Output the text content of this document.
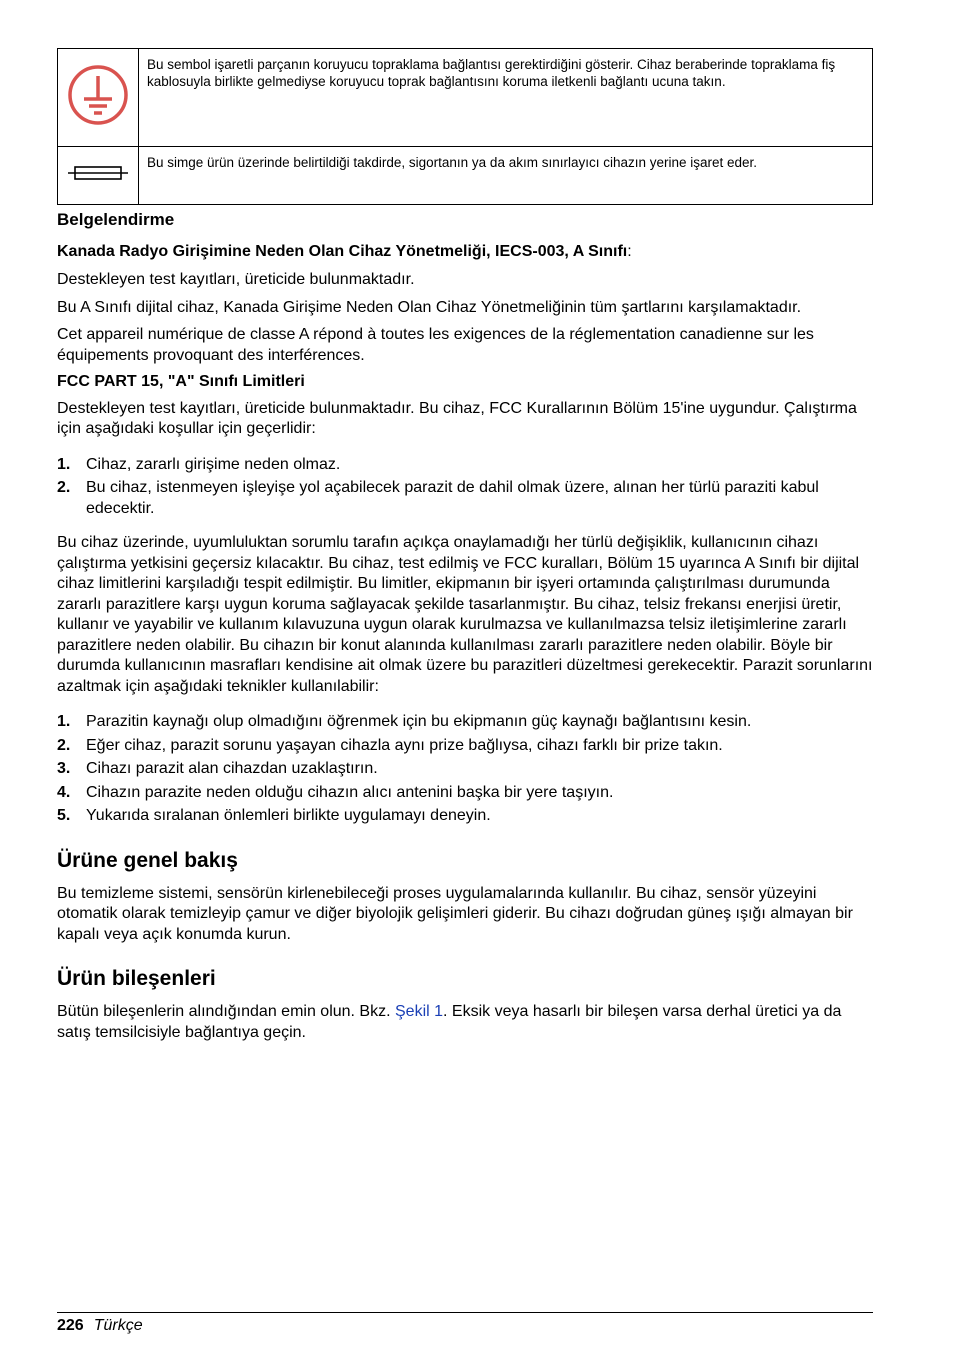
	Bu sembol işaretli parçanın koruyucu topraklama bağlantısı gerektirdiğini gösterir. Cihaz beraberinde topraklama fiş kablosuyla birlikte gelmediyse koruyucu toprak bağlantısını koruma iletkenli bağlantı ucuna takın.
	Bu simge ürün üzerinde belirtildiği takdirde, sigortanın ya da akım sınırlayıcı cihazın yerine işaret eder.

Belgelendirme

Kanada Radyo Girişimine Neden Olan Cihaz Yönetmeliği, IECS-003, A Sınıfı:

Destekleyen test kayıtları, üreticide bulunmaktadır.

Bu A Sınıfı dijital cihaz, Kanada Girişime Neden Olan Cihaz Yönetmeliğinin tüm şartlarını karşılamaktadır.

Cet appareil numérique de classe A répond à toutes les exigences de la réglementation canadienne sur les équipements provoquant des interférences.

FCC PART 15, "A" Sınıfı Limitleri

Destekleyen test kayıtları, üreticide bulunmaktadır. Bu cihaz, FCC Kurallarının Bölüm 15'ine uygundur. Çalıştırma için aşağıdaki koşullar için geçerlidir:

1. Cihaz, zararlı girişime neden olmaz.
2. Bu cihaz, istenmeyen işleyişe yol açabilecek parazit de dahil olmak üzere, alınan her türlü paraziti kabul edecektir.

Bu cihaz üzerinde, uyumluluktan sorumlu tarafın açıkça onaylamadığı her türlü değişiklik, kullanıcının cihazı çalıştırma yetkisini geçersiz kılacaktır. Bu cihaz, test edilmiş ve FCC kuralları, Bölüm 15 uyarınca A Sınıfı bir dijital cihaz limitlerini karşıladığı tespit edilmiştir. Bu limitler, ekipmanın bir işyeri ortamında çalıştırılması durumunda zararlı parazitlere karşı uygun koruma sağlayacak şekilde tasarlanmıştır. Bu cihaz, telsiz frekansı enerjisi üretir, kullanır ve yayabilir ve kullanım kılavuzuna uygun olarak kurulmazsa ve kullanılmazsa telsiz iletişimlerine zararlı parazitlere neden olabilir. Bu cihazın bir konut alanında kullanılması zararlı parazitlere neden olabilir. Böyle bir durumda kullanıcının masrafları kendisine ait olmak üzere bu parazitleri düzeltmesi gerekecektir. Parazit sorunlarını azaltmak için aşağıdaki teknikler kullanılabilir:

1. Parazitin kaynağı olup olmadığını öğrenmek için bu ekipmanın güç kaynağı bağlantısını kesin.
2. Eğer cihaz, parazit sorunu yaşayan cihazla aynı prize bağlıysa, cihazı farklı bir prize takın.
3. Cihazı parazit alan cihazdan uzaklaştırın.
4. Cihazın parazite neden olduğu cihazın alıcı antenini başka bir yere taşıyın.
5. Yukarıda sıralanan önlemleri birlikte uygulamayı deneyin.

Ürüne genel bakış

Bu temizleme sistemi, sensörün kirlenebileceği proses uygulamalarında kullanılır. Bu cihaz, sensör yüzeyini otomatik olarak temizleyip çamur ve diğer biyolojik gelişimleri giderir. Bu cihazı doğrudan güneş ışığı almayan bir kapalı veya açık konumda kurun.

Ürün bileşenleri

Bütün bileşenlerin alındığından emin olun. Bkz. Şekil 1. Eksik veya hasarlı bir bileşen varsa derhal üretici ya da satış temsilcisiyle bağlantıya geçin.

226 Türkçe
